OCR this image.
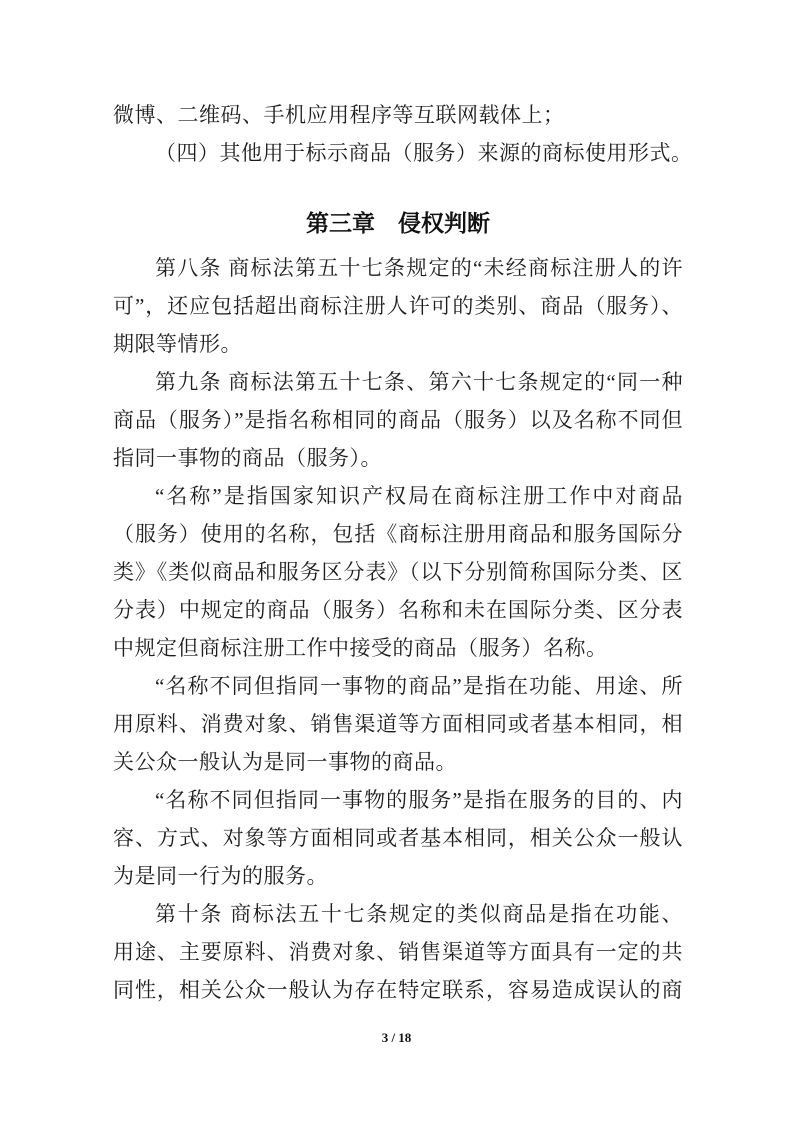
微博、二维码、手机应用程序等互联网载体上；
（四）其他用于标示商品（服务）来源的商标使用形式。
第三章　侵权判断
第八条 商标法第五十七条规定的“未经商标注册人的许
可”，还应包括超出商标注册人许可的类别、商品（服务）、
期限等情形。
第九条 商标法第五十七条、第六十七条规定的“同一种
商品（服务）”是指名称相同的商品（服务）以及名称不同但
指同一事物的商品（服务）。
“名称”是指国家知识产权局在商标注册工作中对商品
（服务）使用的名称，包括《商标注册用商品和服务国际分
类》《类似商品和服务区分表》（以下分别简称国际分类、区
分表）中规定的商品（服务）名称和未在国际分类、区分表
中规定但商标注册工作中接受的商品（服务）名称。
“名称不同但指同一事物的商品”是指在功能、用途、所
用原料、消费对象、销售渠道等方面相同或者基本相同，相
关公众一般认为是同一事物的商品。
“名称不同但指同一事物的服务”是指在服务的目的、内
容、方式、对象等方面相同或者基本相同，相关公众一般认
为是同一行为的服务。
第十条 商标法五十七条规定的类似商品是指在功能、
用途、主要原料、消费对象、销售渠道等方面具有一定的共
同性，相关公众一般认为存在特定联系，容易造成误认的商
3 / 18
